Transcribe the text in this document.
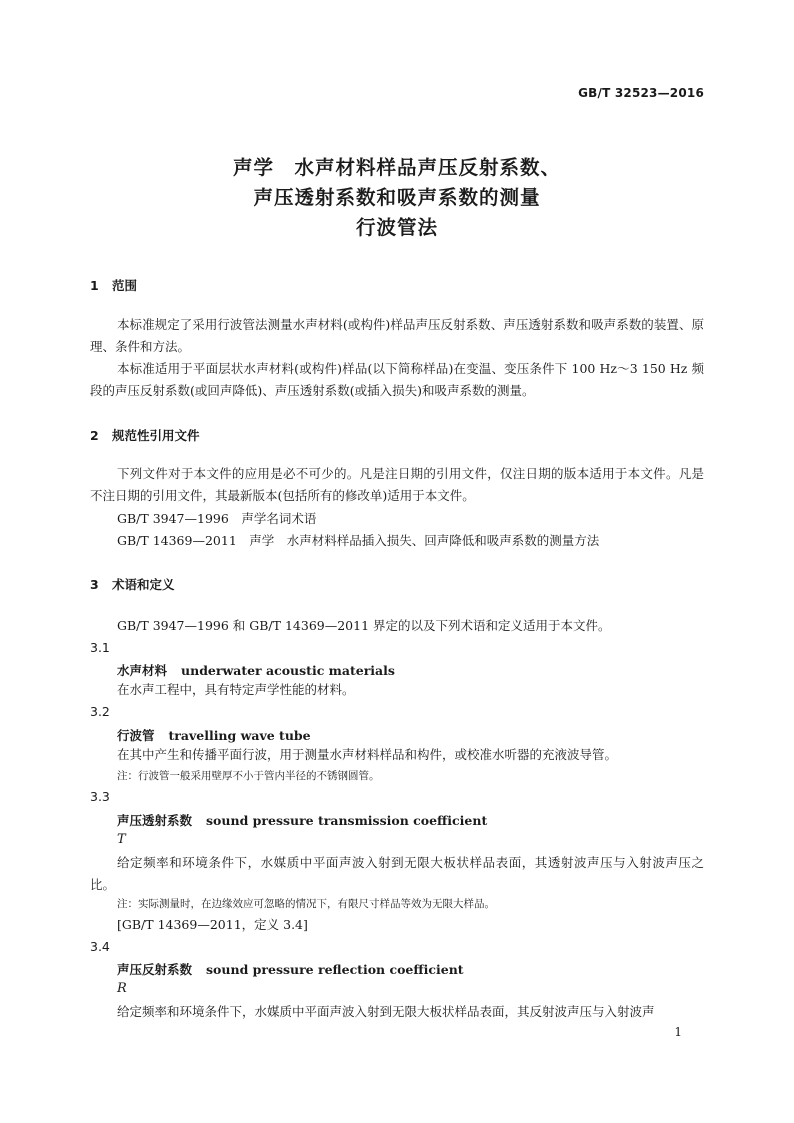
GB/T 32523—2016
声学　水声材料样品声压反射系数、
声压透射系数和吸声系数的测量
行波管法
1 范围
本标准规定了采用行波管法测量水声材料(或构件)样品声压反射系数、声压透射系数和吸声系数的装置、原理、条件和方法。
本标准适用于平面层状水声材料(或构件)样品(以下简称样品)在变温、变压条件下 100 Hz～3 150 Hz 频段的声压反射系数(或回声降低)、声压透射系数(或插入损失)和吸声系数的测量。
2 规范性引用文件
下列文件对于本文件的应用是必不可少的。凡是注日期的引用文件，仅注日期的版本适用于本文件。凡是不注日期的引用文件，其最新版本(包括所有的修改单)适用于本文件。
GB/T 3947—1996　声学名词术语
GB/T 14369—2011　声学　水声材料样品插入损失、回声降低和吸声系数的测量方法
3 术语和定义
GB/T 3947—1996 和 GB/T 14369—2011 界定的以及下列术语和定义适用于本文件。
3.1
水声材料 underwater acoustic materials
在水声工程中，具有特定声学性能的材料。
3.2
行波管 travelling wave tube
在其中产生和传播平面行波，用于测量水声材料样品和构件，或校准水听器的充液波导管。
注：行波管一般采用壁厚不小于管内半径的不锈钢圆管。
3.3
声压透射系数 sound pressure transmission coefficient
T
给定频率和环境条件下，水媒质中平面声波入射到无限大板状样品表面，其透射波声压与入射波声压之比。
注：实际测量时，在边缘效应可忽略的情况下，有限尺寸样品等效为无限大样品。
[GB/T 14369—2011，定义 3.4]
3.4
声压反射系数 sound pressure reflection coefficient
R
给定频率和环境条件下，水媒质中平面声波入射到无限大板状样品表面，其反射波声压与入射波声
1
